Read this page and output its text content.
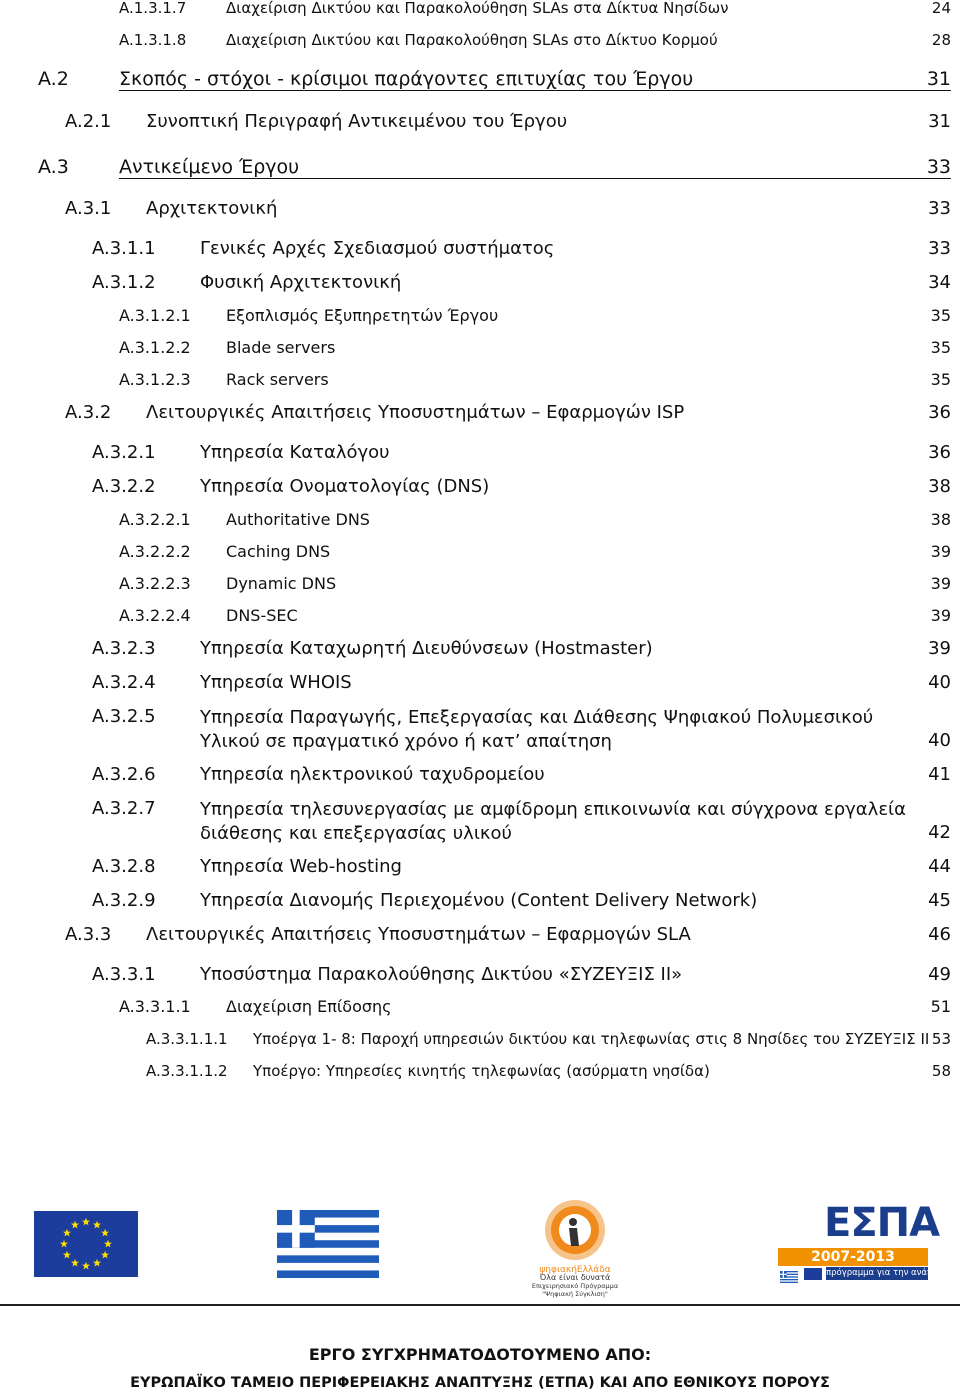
A.1.3.1.7	Διαχείριση Δικτύου και Παρακολούθηση SLAs στα Δίκτυα Νησίδων	24
A.1.3.1.8	Διαχείριση Δικτύου και Παρακολούθηση SLAs στο Δίκτυο Κορμού	28
A.2	Σκοπός - στόχοι - κρίσιμοι παράγοντες επιτυχίας του Έργου	31
A.2.1 Συνοπτική Περιγραφή Αντικειμένου του Έργου	31
A.3	Αντικείμενο Έργου	33
A.3.1 Αρχιτεκτονική	33
A.3.1.1 Γενικές Αρχές Σχεδιασμού συστήματος	33
A.3.1.2 Φυσική Αρχιτεκτονική	34
A.3.1.2.1 Εξοπλισμός Εξυπηρετητών Έργου	35
A.3.1.2.2 Blade servers	35
A.3.1.2.3 Rack servers	35
A.3.2 Λειτουργικές Απαιτήσεις Υποσυστημάτων – Εφαρμογών ISP	36
A.3.2.1 Υπηρεσία Καταλόγου	36
A.3.2.2 Υπηρεσία Ονοματολογίας (DNS)	38
A.3.2.2.1 Authoritative DNS	38
A.3.2.2.2 Caching DNS	39
A.3.2.2.3 Dynamic DNS	39
A.3.2.2.4 DNS-SEC	39
A.3.2.3 Υπηρεσία Καταχωρητή Διευθύνσεων (Hostmaster)	39
A.3.2.4 Υπηρεσία WHOIS	40
A.3.2.5 Υπηρεσία Παραγωγής, Επεξεργασίας και Διάθεσης Ψηφιακού Πολυμεσικού Υλικού σε πραγματικό χρόνο ή κατ’ απαίτηση	40
A.3.2.6 Υπηρεσία ηλεκτρονικού ταχυδρομείου	41
A.3.2.7 Υπηρεσία τηλεσυνεργασίας με αμφίδρομη επικοινωνία και σύγχρονα εργαλεία διάθεσης και επεξεργασίας υλικού	42
A.3.2.8 Υπηρεσία Web-hosting	44
A.3.2.9 Υπηρεσία Διανομής Περιεχομένου (Content Delivery Network)	45
A.3.3 Λειτουργικές Απαιτήσεις Υποσυστημάτων – Εφαρμογών SLA	46
A.3.3.1 Υποσύστημα Παρακολούθησης Δικτύου «ΣΥΖΕΥΞΙΣ ΙΙ»	49
A.3.3.1.1 Διαχείριση Επίδοσης	51
A.3.3.1.1.1 Υποέργα 1- 8: Παροχή υπηρεσιών δικτύου και τηλεφωνίας στις 8 Νησίδες του ΣΥΖΕΥΞΙΣ ΙΙ 53
A.3.3.1.1.2 Υποέργο: Υπηρεσίες κινητής τηλεφωνίας (ασύρματη νησίδα)	58
ψηφιακήΕλλάδα
Όλα είναι δυνατά
Επιχειρησιακό Πρόγραμμα
"Ψηφιακή Σύγκλιση"
ΕΣΠΑ
2007-2013
πρόγραμμα για την ανάπτυξη
ΕΡΓΟ ΣΥΓΧΡΗΜΑΤΟΔΟΤΟΥΜΕΝΟ ΑΠΟ:
ΕΥΡΩΠΑΪΚΟ ΤΑΜΕΙΟ ΠΕΡΙΦΕΡΕΙΑΚΗΣ ΑΝΑΠΤΥΞΗΣ (ΕΤΠΑ) ΚΑΙ ΑΠΟ ΕΘΝΙΚΟΥΣ ΠΟΡΟΥΣ
